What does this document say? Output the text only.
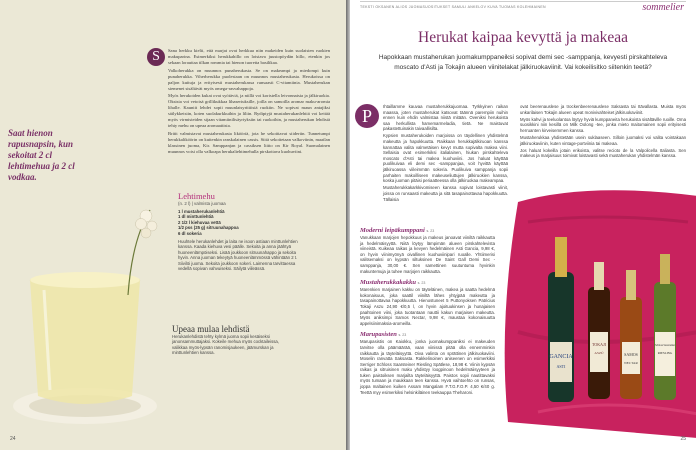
S	Sana herkku kielii, että marjat ovat herkkua niin makeiden kuin suolaisten ruokien makuparina. Esimerkiksi herukkahillo on loistava juustopöydän hillo, etenkin jos sekaan lorauttaa tilkan rommia tai hienon tuoretta basilikaa.

Valkoherukka on muunnos punaherukasta. Se on makeampi ja miedompi kuin punaherukka. Viherherukka puolestaan on muunnos mustaherukasta. Herukoissa on paljon kuituja ja erityisesti mustaherukassa runsaasti C-vitamiinia. Mustaherukan siemenet sisältävät myös omega-rasvahappoja.

Myös herukoiden kukat ovat syötäviä, ja niillä voi koristella leivonnaisia ja jälkiruokia. Oksista voi vetoisä grillikukkaa lihaseriuksille, joilla on samoilla aromar maku-aromia lihalle. Kauniit lehdet sopii muunlaisyrittiisiä ruokiin. Ne sopivat maun antajiksi säilykkeisiin, koten suolakurkkuihin ja liliin. Rydiptyjä mustaherukanlehtiä voi keitää myös virmisteiden sijaan vitamiinilisäyrtyksiin tai ruokoihin, ja mustaherukan lehdistä tehty mehu on upeaa aromaattista.

Britit valmistavat mustaherukasta likööriä, jota he sekoittavat siidertin. Tunnetumpi herukkaliköörin on kuitenkin ranskalainen cassis. Siitä sekoitetaan valkoviinin, maailan klassinen juoma, Kir. Samppanjan ja cassiksen liitto on Kir Royal. Suomalainen muunnos voisi olla valkoapa herukaliehtimehulla pirskottava kuohuviini.

Saat hienon rapusnapsin, kun sekoitat 2 cl lehtimehua ja 2 cl vodkaa.
Lehtimehu
(n. 2 l) | valmista juomaa
1 l mustaherukanlehtiä
1 dl minttunlehtiä
2 1/2 l kiehuvaa vettä
1/2 pss (25 g) sitruunahappoa
6 dl sokeria
Huuhtele herukanlehdet ja laita ne isoon astiaan minttunlehtien kanssa. Kaada kiehuva vesi päälle. Sekoita ja anna jäähtyä huoneenlämpöiseksi. Lisää joukkoon sitruunahappo ja sekoita hyvin. Anna juoman tekeytyä huoneenlämmössä vähintään 2 t. Siivilöi juoma. Sekoita joukkoon sokeri. Laimenna tarvittaessa vedellä sopivan vahvuiseksi. Säilytä viileässä.
Upeaa mulaa lehdistä
Herukanlehdistä tehty kylmä juoma sopii kesäiseksi janonsammuttajaksi. Kokeile mehua myös cocktaileissa, valikkaa myös-lypsän ranomisjaukeen, jäämurskan ja minttunlehtien kanssa.
24
TEKSTI OKSANEN ALIOS JUOMASUOSITUKSET SAMULI ANKELOV KUVA TUOMAS KOLEHMAINEN	sommelier
Herukat kaipaa kevyttä ja makeaa
Hapokkaan mustaherukan juomakumppaneiksi sopivat demi sec -samppanja, kevyesti pirskahteleva moscato d'Asti ja Tokajin alueen viinitelakat jälkiruokaviinit. Vai kokeilisitko siitenkin teetä?
P	Ihtaillamme kauvaa mustaherukkajuomaa. Tyrkkyinen raikan maassa, joten mustaherukat katsovat täännä parempiin nuihin ennen kuin ehdin valmistaa niistä mitään. Oveniksi herukoista saa herkullista hamemarmeladia, tietä. Ne maistuvat pakastettuinakin taivaallisilta.

Kypsien mustaherukoiden marjoissa on täydellinen yhdistelmä makeutta ja hapokkuutta. Raikkaan herukkajälkiruoan kanssa kannattaa valita valmetäisen kevyt mutta sopivalta makea viini. Sellaisia ovat esimerkiksi italialainen, hiukan pirskahteleva moscato d'Asti tai makea kuohuviini. Jos haluat käyttää puolikuivaa eli demi sec -samppanjaa, voit hyvittä käyttää jälkiruoassa viileimmän sokeria. Puolikuiva samppanja sopii parhaiten makoilliseen makeuseliuttujen jälkiruokien kanssa, koska juoman pitäisi periaatteessa olla jälkiruokaa makeampaa.

Mustaherukkakarkkivomiseen kanssa sopivat loistavasti viinit, joissa on runsaasti makeutta ja sitä tasapainottavaa hapokkuutta. Tällaisia

ovat beerenauslese ja trockenbeerenauslese Saksasta tai Itävallasta. Muista myös unkarilaisen Tokajin alueen upeat monivivahteiset jälkiruokaviinit.

Myös kahvi ja teeluolantoa löytyy hyviä kumppaneita herukoista sisältäville ruoille. Oma suosikkini niin kesillä on Milk Oolong -tee, jonka mieto maitomainen sopii erityisesti herruanten kirveisemmen kanssa.

Mustaherukkaa yhdistetään usein suklaaseen. Silloin juomaksi voi valita vointakaan jälkiruokaviinin, kuten vintage-portviinia tai makeaa.

Jos haluat kokeilla jotain erikoista, valitse recioto de la Valpolicella Italiasta. Sen makeus ja marjaisuus toimivat loistavasti sekä mustaherukan yhdistelmän kanssa.

Moderni leipäkumppani s. 23
Vanukkaan marjojen hepokkuus ja makeus janoavat viiniltä raikkautta ja hedelmäisyyttä. Niitä löytyy lämpimän alueen pirskahtelevista viineistä. Kuikeaa raikas ja kevyen hedelmäinen Asti Gancia, 9,98 €, on hyvin viinimyönyä oivallinen kuohuviinipari ruoalle. Yhtiimerisi valitsemaksi on kypsän siltuksinen De Saint Gall Demi Sec -samppanja, 30,00 €. Sen samettinen suutuntuma hyvinkin makuntemuja ja tuhee marjojen raikkautta.
Mustaherukkakakku s. 23
Marenkien marjainen kakku on täyteläinen, makea ja saatta hedelmä kokonaisuus, joka saattil viiniltä lähes yhtyjpää makeutta ja tasapainottavaa hapokkuutta. Hienostuneet 5 Puttonyoksen Patricius Tokaji Aszu 24,90 €/0,5 l, on hyvin ajoituukinsen ja hunajaisen paahtoinen viini, joka tuotantaan nauttii kakun marjaisen makeutta. Myös aniksimpi Samos Nectar, 9,98 €, maustaa kokonaisuutta appelsiinimaksia-aromeilla.
Marupasisten s. 23
Marupasistis on Kaiokku, jonka juomakumppaniksi ei makeuden tarvitse olla päämäärää, vaan viinissä pitää olla ennemminkin raikkautta ja täyteläisyyttä. Oiva valinta on sprättinen jälkiruokaviini. Moselin ranvatta Saksasta. Rakkelinoinen aniseenen on esimerkiksi Serriger Schloss Saarsteiner Riesling Spätlese, 18,98 €. Viinin kypsän raikas ja sitruisinen maku yhdistyy loogpinoon hedelmäiisyyteen ja tuken paistoiksen marjailta täyteläisyyttä. Paistos sopii nautittavaksi myös tumaan ja maukkaan teen kanssa. Hyvä vaihtoehto on runsas, joppa maltainen kuiken Assam Mangalam F.T.G.F.O.P. 4,50 €/40 g. Teettä myy esimerkiksi helsinkiläinen teekauppa Theharoni.
GANCIA
ASTI
TOKAJI
ASZÚ	SAMOS
NECTAR
Schloss Saarsteiner
RIESLING
25
